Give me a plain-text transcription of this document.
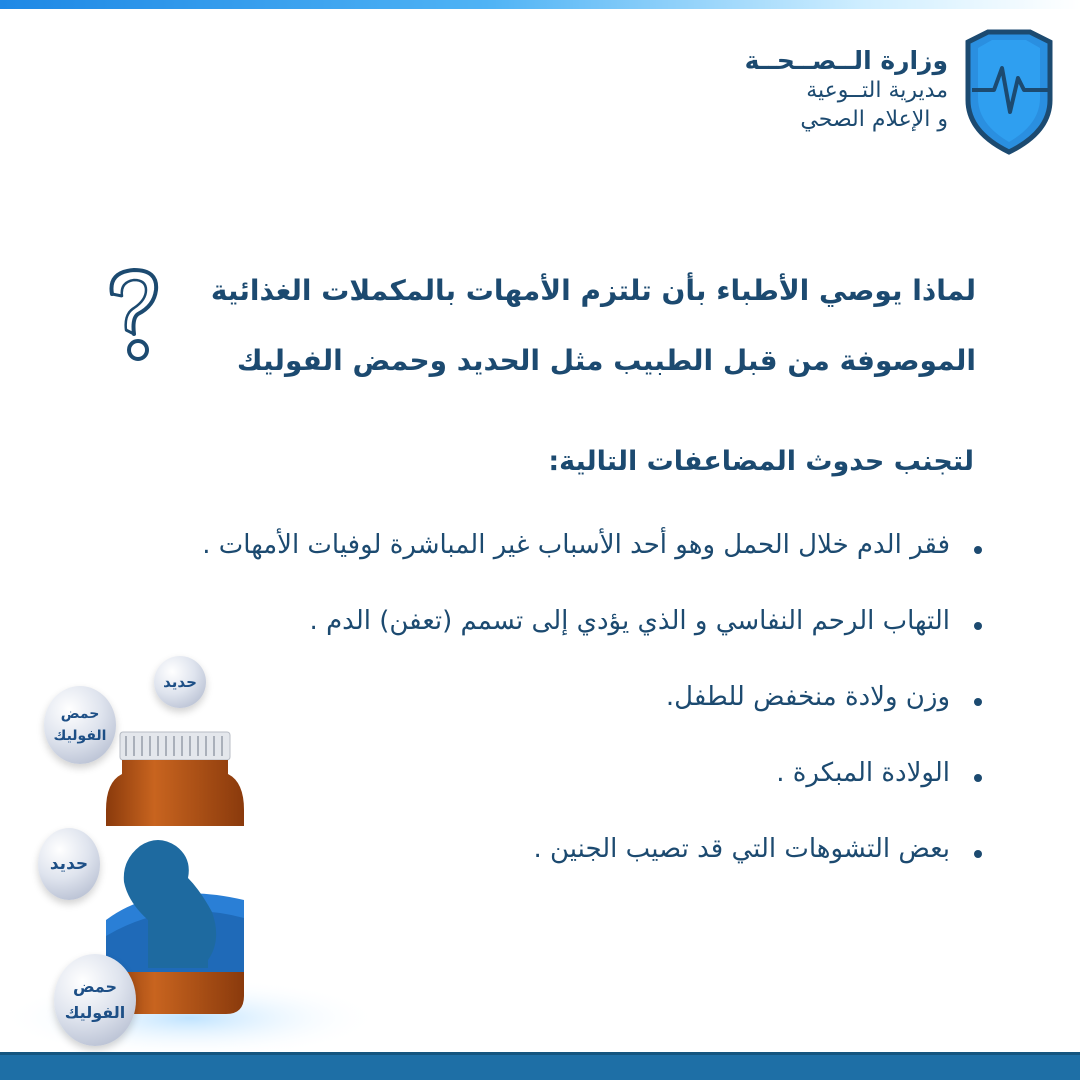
وزارة الــصــحــة
مديرية التــوعية
و الإعلام الصحي
لماذا يوصي الأطباء بأن تلتزم الأمهات بالمكملات الغذائية
الموصوفة من قبل الطبيب مثل الحديد وحمض الفوليك
لتجنب حدوث المضاعفات التالية:
فقر الدم خلال الحمل وهو أحد الأسباب غير المباشرة لوفيات الأمهات .
التهاب الرحم النفاسي و الذي يؤدي إلى تسمم (تعفن) الدم .
وزن ولادة منخفض للطفل.
الولادة المبكرة .
بعض التشوهات التي قد تصيب الجنين .
حديد
حمض
الفوليك
حديد
حمض
الفوليك
